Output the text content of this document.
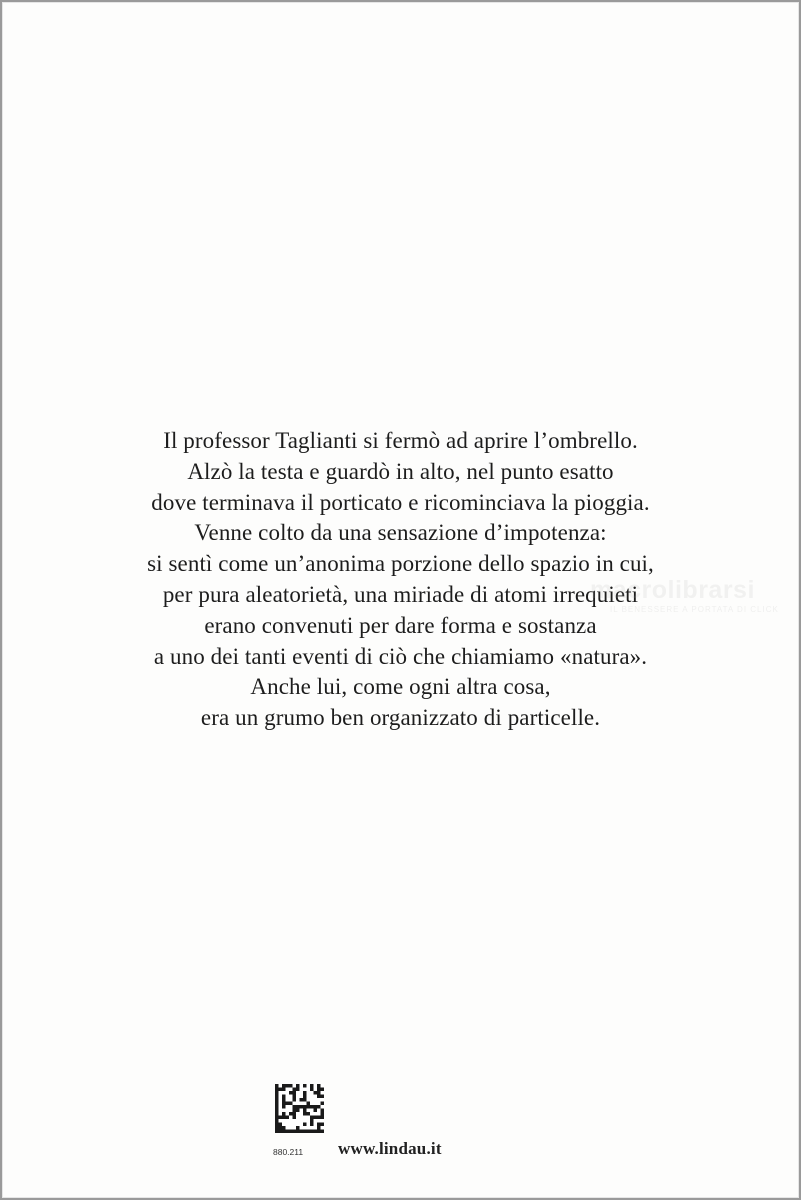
Il professor Taglianti si fermò ad aprire l’ombrello.
Alzò la testa e guardò in alto, nel punto esatto
dove terminava il porticato e ricominciava la pioggia.
Venne colto da una sensazione d’impotenza:
si sentì come un’anonima porzione dello spazio in cui,
per pura aleatorietà, una miriade di atomi irrequieti
erano convenuti per dare forma e sostanza
a uno dei tanti eventi di ciò che chiamiamo «natura».
Anche lui, come ogni altra cosa,
era un grumo ben organizzato di particelle.
macrolibrarsi
IL BENESSERE A PORTATA DI CLICK
880.211 www.lindau.it
